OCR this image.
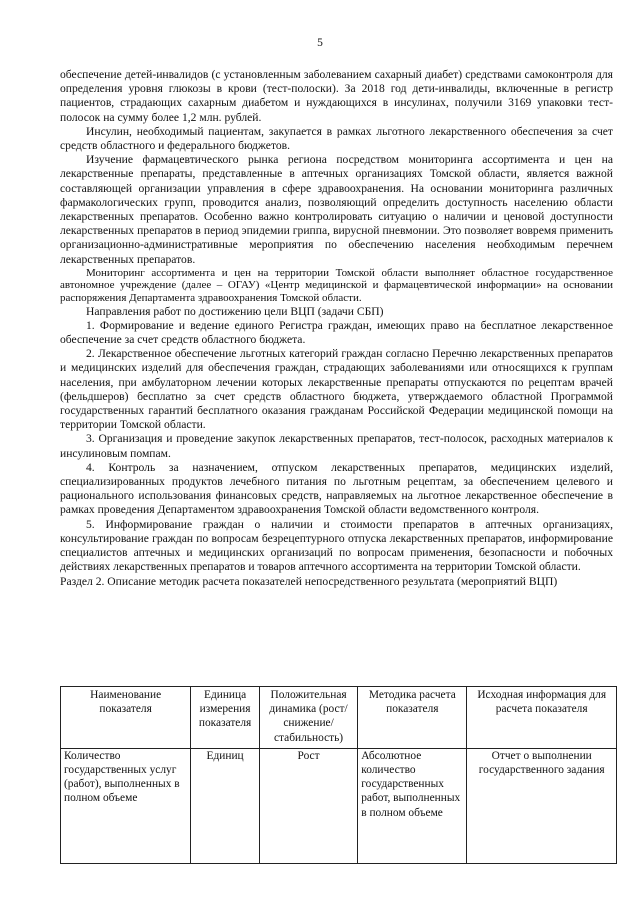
5

обеспечение детей-инвалидов (с установленным заболеванием сахарный диабет) средствами самоконтроля для определения уровня глюкозы в крови (тест-полоски). За 2018 год дети-инвалиды, включенные в регистр пациентов, страдающих сахарным диабетом и нуждающихся в инсулинах, получили 3169 упаковки тест-полосок на сумму более 1,2 млн. рублей.

Инсулин, необходимый пациентам, закупается в рамках льготного лекарственного обеспечения за счет средств областного и федерального бюджетов.

Изучение фармацевтического рынка региона посредством мониторинга ассортимента и цен на лекарственные препараты, представленные в аптечных организациях Томской области, является важной составляющей организации управления в сфере здравоохранения. На основании мониторинга различных фармакологических групп, проводится анализ, позволяющий определить доступность населению области лекарственных препаратов. Особенно важно контролировать ситуацию о наличии и ценовой доступности лекарственных препаратов в период эпидемии гриппа, вирусной пневмонии. Это позволяет вовремя применить организационно-административные мероприятия по обеспечению населения необходимым перечнем лекарственных препаратов.

Мониторинг ассортимента и цен на территории Томской области выполняет областное государственное автономное учреждение (далее – ОГАУ) «Центр медицинской и фармацевтической информации» на основании распоряжения Департамента здравоохранения Томской области.

Направления работ по достижению цели ВЦП (задачи СБП)

1. Формирование и ведение единого Регистра граждан, имеющих право на бесплатное лекарственное обеспечение за счет средств областного бюджета.

2. Лекарственное обеспечение льготных категорий граждан согласно Перечню лекарственных препаратов и медицинских изделий для обеспечения граждан, страдающих заболеваниями или относящихся к группам населения, при амбулаторном лечении которых лекарственные препараты отпускаются по рецептам врачей (фельдшеров) бесплатно за счет средств областного бюджета, утверждаемого областной Программой государственных гарантий бесплатного оказания гражданам Российской Федерации медицинской помощи на территории Томской области.

3. Организация и проведение закупок лекарственных препаратов, тест-полосок, расходных материалов к инсулиновым помпам.

4. Контроль за назначением, отпуском лекарственных препаратов, медицинских изделий, специализированных продуктов лечебного питания по льготным рецептам, за обеспечением целевого и рационального использования финансовых средств, направляемых на льготное лекарственное обеспечение в рамках проведения Департаментом здравоохранения Томской области ведомственного контроля.

5. Информирование граждан о наличии и стоимости препаратов в аптечных организациях, консультирование граждан по вопросам безрецептурного отпуска лекарственных препаратов, информирование специалистов аптечных и медицинских организаций по вопросам применения, безопасности и побочных действиях лекарственных препаратов и товаров аптечного ассортимента на территории Томской области.

Раздел 2. Описание методик расчета показателей непосредственного результата (мероприятий ВЦП)

Наименование показателя	Единица измерения показателя	Положительная динамика (рост/снижение/ стабильность)	Методика расчета показателя	Исходная информация для расчета показателя
Количество государственных услуг (работ), выполненных в полном объеме	Единиц	Рост	Абсолютное количество государственных работ, выполненных в полном объеме	Отчет о выполнении государственного задания
